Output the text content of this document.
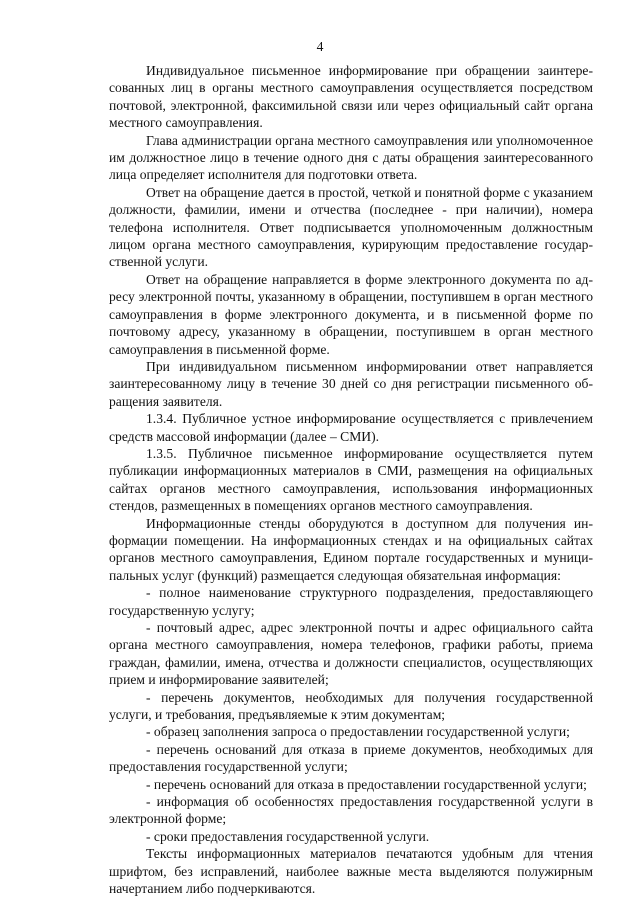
4

Индивидуальное письменное информирование при обращении заинтересованных лиц в органы местного самоуправления осуществляется посредством почтовой, электронной, факсимильной связи или через официальный сайт органа местного самоуправления.

Глава администрации органа местного самоуправления или уполномоченное им должностное лицо в течение одного дня с даты обращения заинтересованного лица определяет исполнителя для подготовки ответа.

Ответ на обращение дается в простой, четкой и понятной форме с указанием должности, фамилии, имени и отчества (последнее - при наличии), номера телефона исполнителя. Ответ подписывается уполномоченным должностным лицом органа местного самоуправления, курирующим предоставление государственной услуги.

Ответ на обращение направляется в форме электронного документа по адресу электронной почты, указанному в обращении, поступившем в орган местного самоуправления в форме электронного документа, и в письменной форме по почтовому адресу, указанному в обращении, поступившем в орган местного самоуправления в письменной форме.

При индивидуальном письменном информировании ответ направляется заинтересованному лицу в течение 30 дней со дня регистрации письменного обращения заявителя.

1.3.4. Публичное устное информирование осуществляется с привлечением средств массовой информации (далее – СМИ).

1.3.5. Публичное письменное информирование осуществляется путем публикации информационных материалов в СМИ, размещения на официальных сайтах органов местного самоуправления, использования информационных стендов, размещенных в помещениях органов местного самоуправления.

Информационные стенды оборудуются в доступном для получения информации помещении. На информационных стендах и на официальных сайтах органов местного самоуправления, Едином портале государственных и муниципальных услуг (функций) размещается следующая обязательная информация:

- полное наименование структурного подразделения, предоставляющего государственную услугу;

- почтовый адрес, адрес электронной почты и адрес официального сайта органа местного самоуправления, номера телефонов, графики работы, приема граждан, фамилии, имена, отчества и должности специалистов, осуществляющих прием и информирование заявителей;

- перечень документов, необходимых для получения государственной услуги, и требования, предъявляемые к этим документам;

- образец заполнения запроса о предоставлении государственной услуги;

- перечень оснований для отказа в приеме документов, необходимых для предоставления государственной услуги;

- перечень оснований для отказа в предоставлении государственной услуги;

- информация об особенностях предоставления государственной услуги в электронной форме;

- сроки предоставления государственной услуги.

Тексты информационных материалов печатаются удобным для чтения шрифтом, без исправлений, наиболее важные места выделяются полужирным начертанием либо подчеркиваются.
